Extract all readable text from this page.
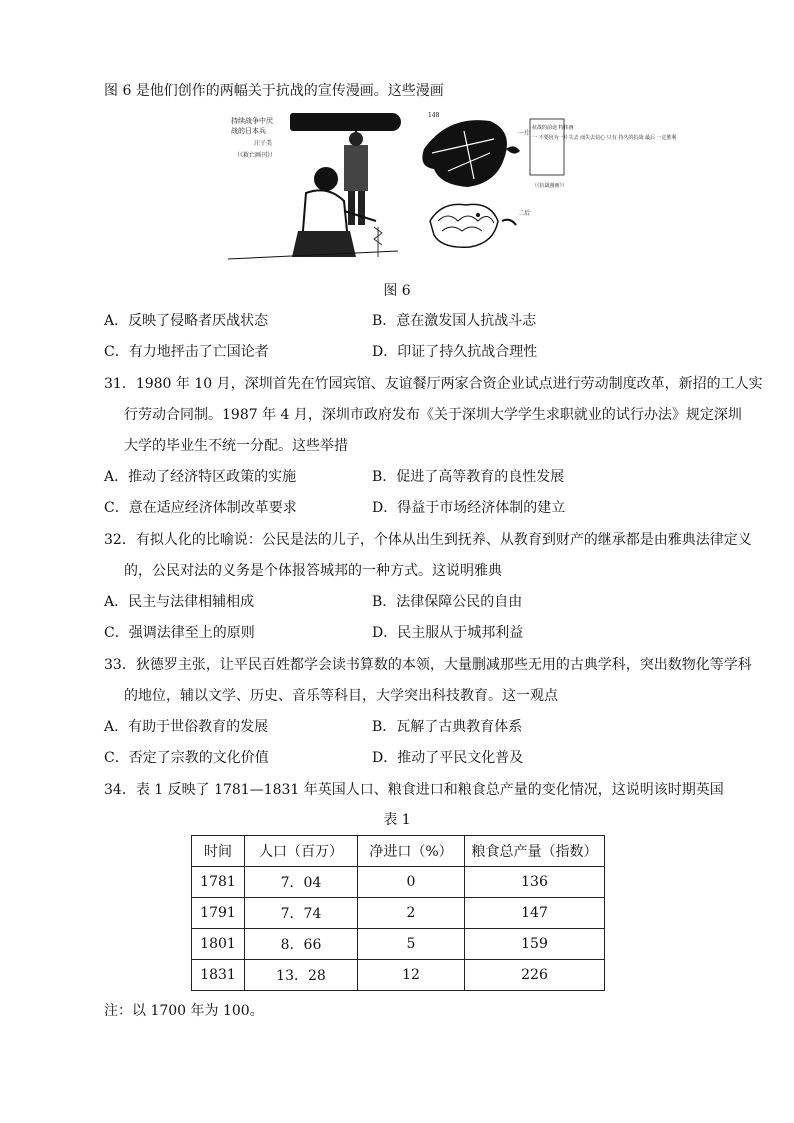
图 6 是他们创作的两幅关于抗战的宣传漫画。这些漫画
持续战争中厌
战的日本兵
汪子美
（《救亡画刊》）
148
抗战的前途 特伟画
一 不要因为一片失去 而失去信心 只有 持久的抗战 最后 一定胜利
一片
二后
（《抗战漫画》）
图 6
A．反映了侵略者厌战状态	B．意在激发国人抗战斗志
C．有力地抨击了亡国论者	D．印证了持久抗战合理性
31．1980 年 10 月，深圳首先在竹园宾馆、友谊餐厅两家合资企业试点进行劳动制度改革，新招的工人实
行劳动合同制。1987 年 4 月，深圳市政府发布《关于深圳大学学生求职就业的试行办法》规定深圳
大学的毕业生不统一分配。这些举措
A．推动了经济特区政策的实施	B．促进了高等教育的良性发展
C．意在适应经济体制改革要求	D．得益于市场经济体制的建立
32．有拟人化的比喻说：公民是法的儿子，个体从出生到抚养、从教育到财产的继承都是由雅典法律定义
的，公民对法的义务是个体报答城邦的一种方式。这说明雅典
A．民主与法律相辅相成	B．法律保障公民的自由
C．强调法律至上的原则	D．民主服从于城邦利益
33．狄德罗主张，让平民百姓都学会读书算数的本领，大量删减那些无用的古典学科，突出数物化等学科
的地位，辅以文学、历史、音乐等科目，大学突出科技教育。这一观点
A．有助于世俗教育的发展	B．瓦解了古典教育体系
C．否定了宗教的文化价值	D．推动了平民文化普及
34．表 1 反映了 1781—1831 年英国人口、粮食进口和粮食总产量的变化情况，这说明该时期英国
表 1
时间	人口（百万）	净进口（%）	粮食总产量（指数）
1781	7．04	0	136
1791	7．74	2	147
1801	8．66	5	159
1831	13．28	12	226
注：以 1700 年为 100。
